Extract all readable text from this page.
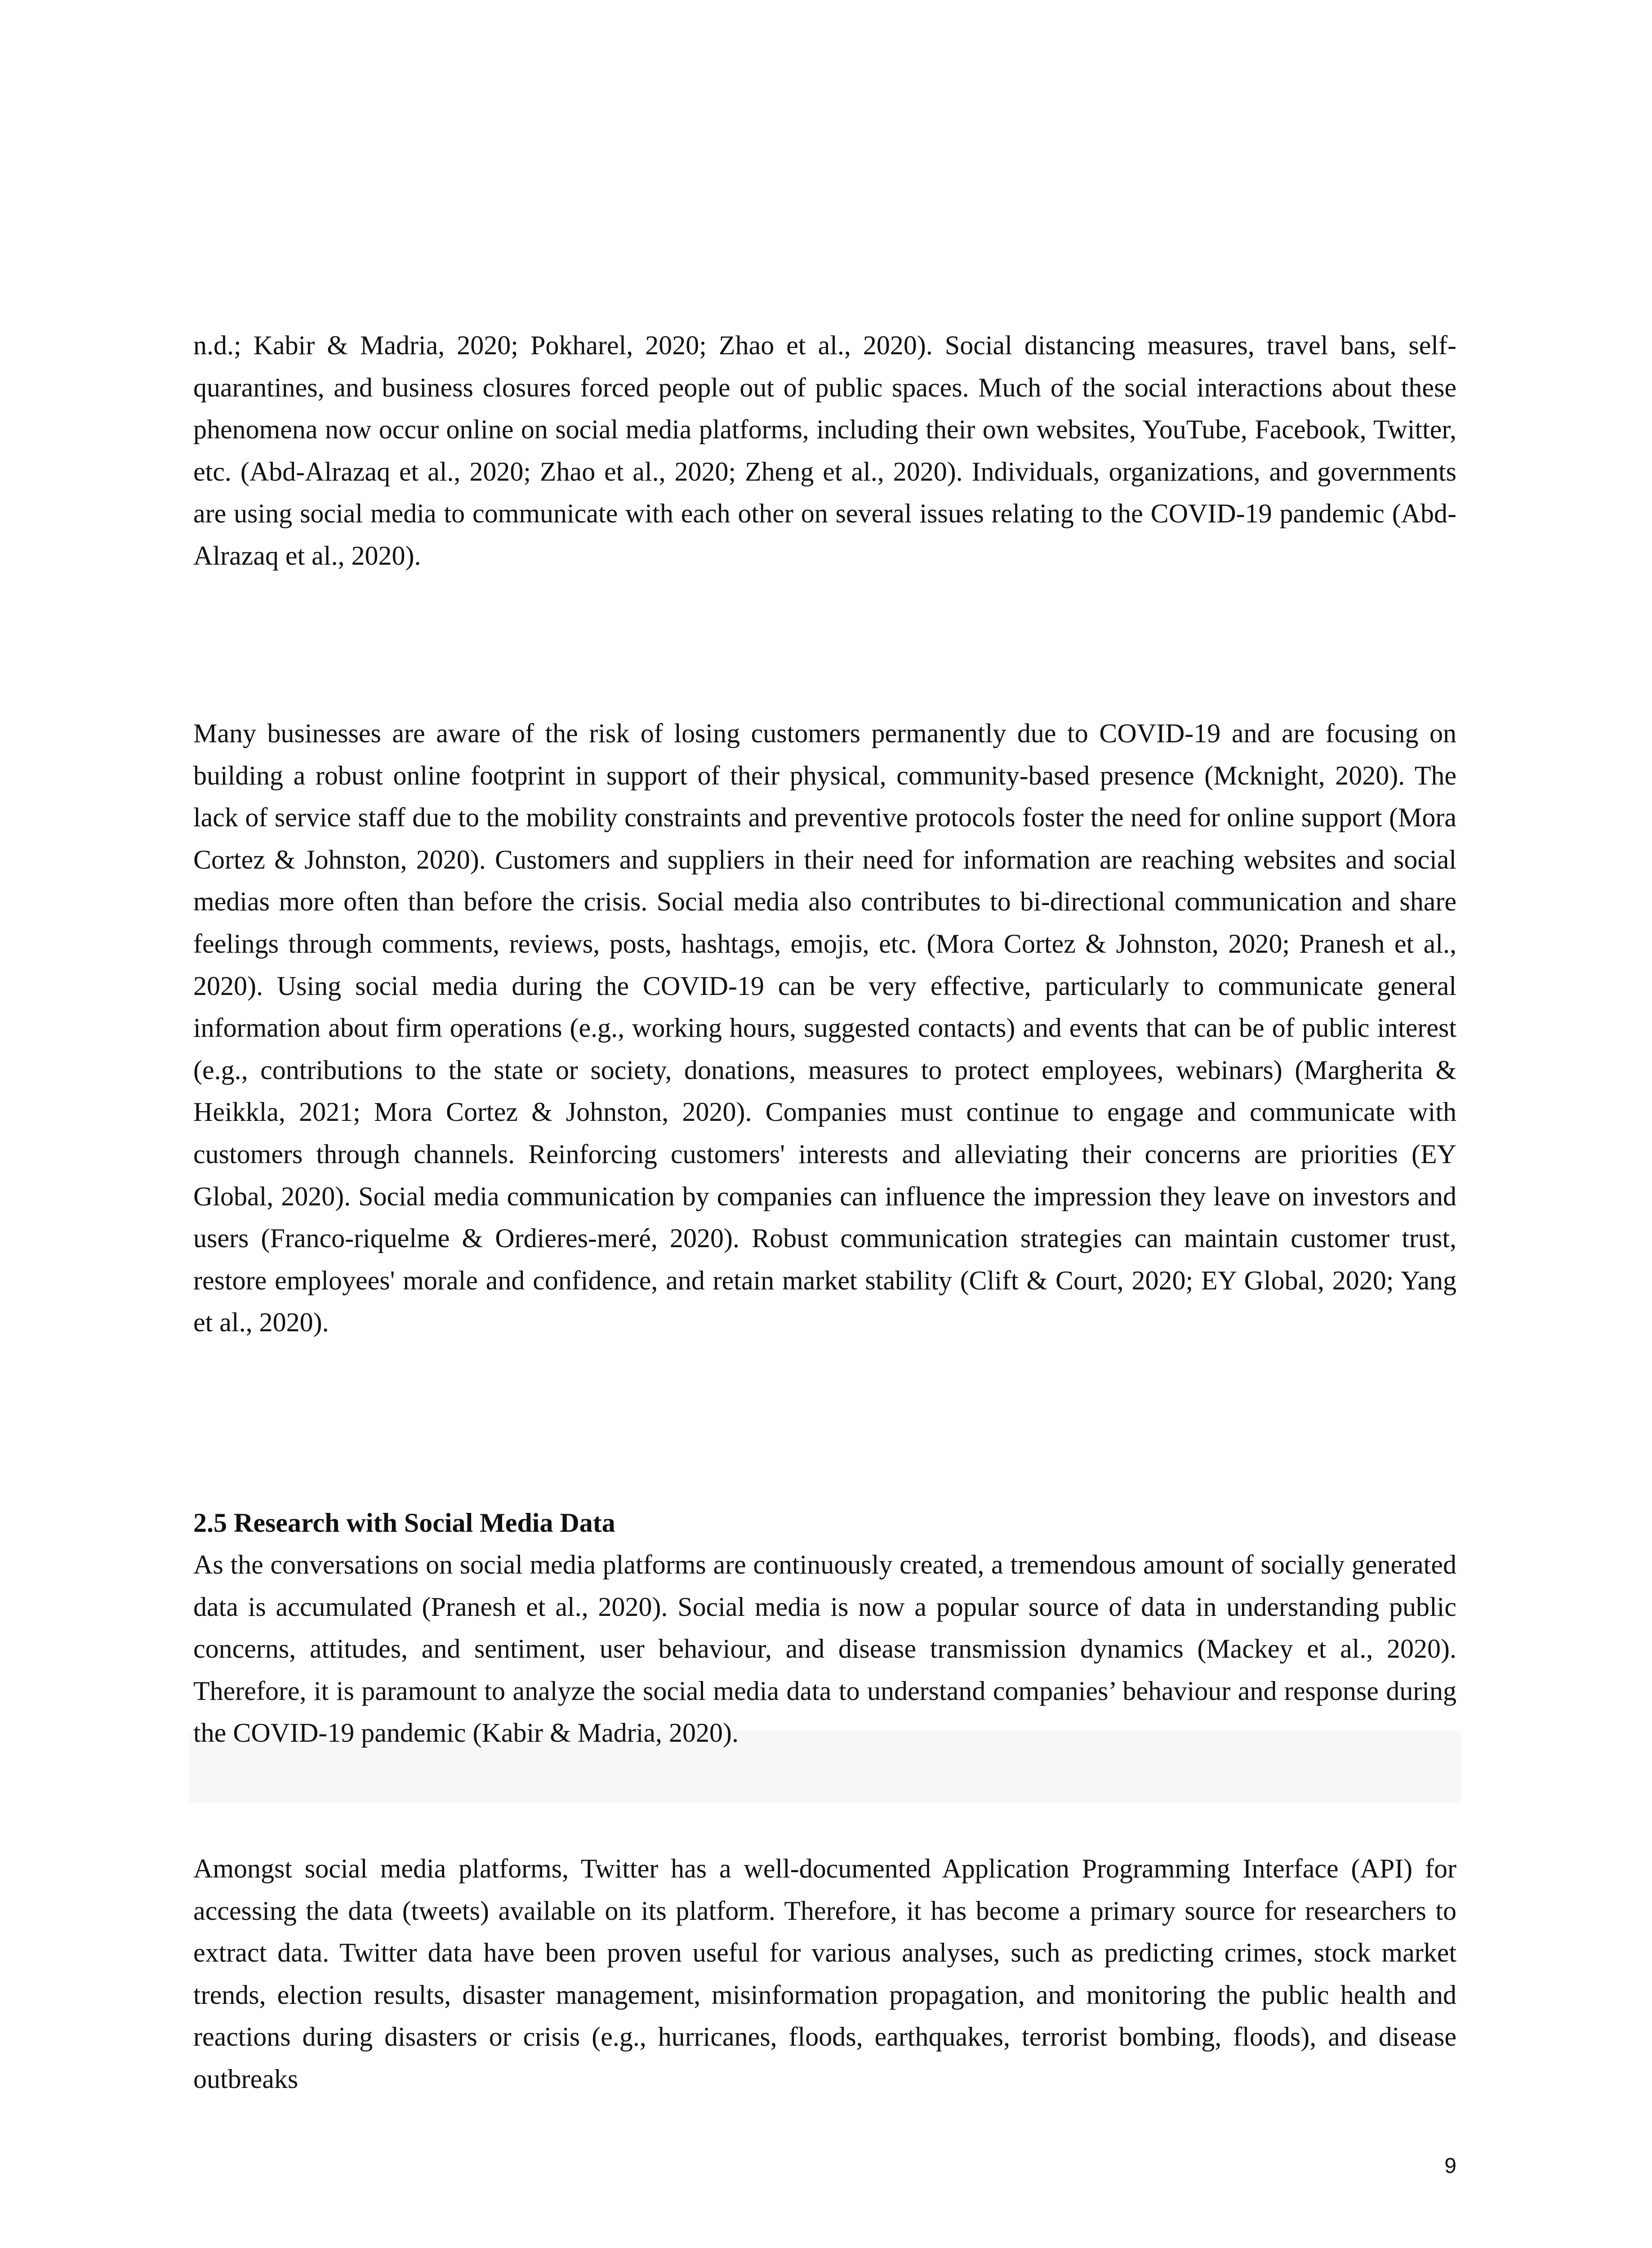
n.d.; Kabir & Madria, 2020; Pokharel, 2020; Zhao et al., 2020). Social distancing measures, travel bans, self-quarantines, and business closures forced people out of public spaces. Much of the social interactions about these phenomena now occur online on social media platforms, including their own websites, YouTube, Facebook, Twitter, etc. (Abd-Alrazaq et al., 2020; Zhao et al., 2020; Zheng et al., 2020). Individuals, organizations, and governments are using social media to communicate with each other on several issues relating to the COVID-19 pandemic (Abd-Alrazaq et al., 2020).

Many businesses are aware of the risk of losing customers permanently due to COVID-19 and are focusing on building a robust online footprint in support of their physical, community-based presence (Mcknight, 2020). The lack of service staff due to the mobility constraints and preventive protocols foster the need for online support (Mora Cortez & Johnston, 2020). Customers and suppliers in their need for information are reaching websites and social medias more often than before the crisis. Social media also contributes to bi-directional communication and share feelings through comments, reviews, posts, hashtags, emojis, etc. (Mora Cortez & Johnston, 2020; Pranesh et al., 2020). Using social media during the COVID-19 can be very effective, particularly to communicate general information about firm operations (e.g., working hours, suggested contacts) and events that can be of public interest (e.g., contributions to the state or society, donations, measures to protect employees, webinars) (Margherita & Heikkla, 2021; Mora Cortez & Johnston, 2020). Companies must continue to engage and communicate with customers through channels. Reinforcing customers' interests and alleviating their concerns are priorities (EY Global, 2020). Social media communication by companies can influence the impression they leave on investors and users (Franco-riquelme & Ordieres-meré, 2020). Robust communication strategies can maintain customer trust, restore employees' morale and confidence, and retain market stability (Clift & Court, 2020; EY Global, 2020; Yang et al., 2020).

2.5 Research with Social Media Data

As the conversations on social media platforms are continuously created, a tremendous amount of socially generated data is accumulated (Pranesh et al., 2020). Social media is now a popular source of data in understanding public concerns, attitudes, and sentiment, user behaviour, and disease transmission dynamics (Mackey et al., 2020). Therefore, it is paramount to analyze the social media data to understand companies’ behaviour and response during the COVID-19 pandemic (Kabir & Madria, 2020).

Amongst social media platforms, Twitter has a well-documented Application Programming Interface (API) for accessing the data (tweets) available on its platform. Therefore, it has become a primary source for researchers to extract data. Twitter data have been proven useful for various analyses, such as predicting crimes, stock market trends, election results, disaster management, misinformation propagation, and monitoring the public health and reactions during disasters or crisis (e.g., hurricanes, floods, earthquakes, terrorist bombing, floods), and disease outbreaks

9
